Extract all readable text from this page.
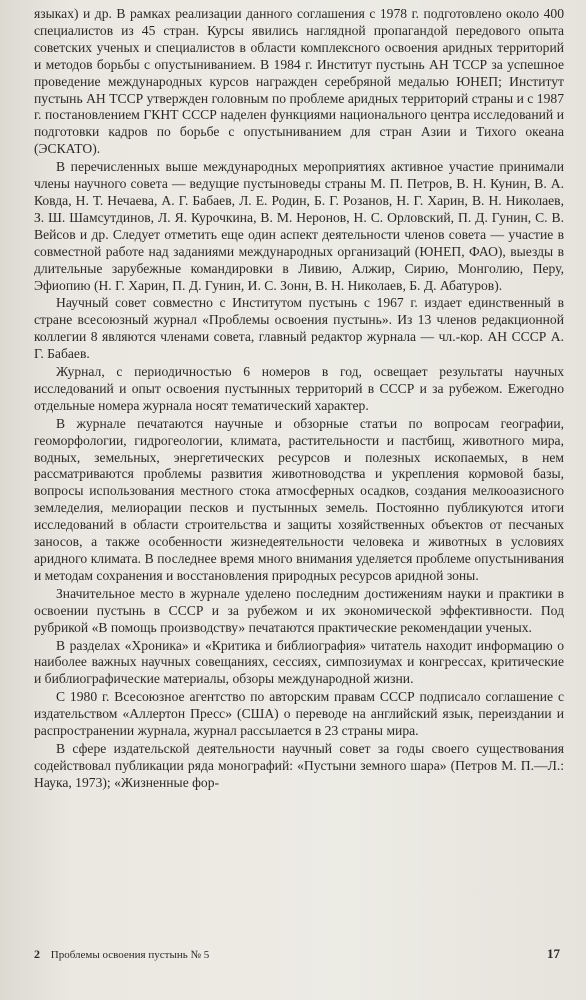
языках) и др. В рамках реализации данного соглашения с 1978 г. подготовлено около 400 специалистов из 45 стран. Курсы явились наглядной пропагандой передового опыта советских ученых и специалистов в области комплексного освоения аридных территорий и методов борьбы с опустыниванием. В 1984 г. Институт пустынь АН ТССР за успешное проведение международных курсов награжден серебряной медалью ЮНЕП; Институт пустынь АН ТССР утвержден головным по проблеме аридных территорий страны и с 1987 г. постановлением ГКНТ СССР наделен функциями национального центра исследований и подготовки кадров по борьбе с опустыниванием для стран Азии и Тихого океана (ЭСКАТО).

В перечисленных выше международных мероприятиях активное участие принимали члены научного совета — ведущие пустыноведы страны М. П. Петров, В. Н. Кунин, В. А. Ковда, Н. Т. Нечаева, А. Г. Бабаев, Л. Е. Родин, Б. Г. Розанов, Н. Г. Харин, В. Н. Николаев, З. Ш. Шамсутдинов, Л. Я. Курочкина, В. М. Неронов, Н. С. Орловский, П. Д. Гунин, С. В. Вейсов и др. Следует отметить еще один аспект деятельности членов совета — участие в совместной работе над заданиями международных организаций (ЮНЕП, ФАО), выезды в длительные зарубежные командировки в Ливию, Алжир, Сирию, Монголию, Перу, Эфиопию (Н. Г. Харин, П. Д. Гунин, И. С. Зонн, В. Н. Николаев, Б. Д. Абатуров).

Научный совет совместно с Институтом пустынь с 1967 г. издает единственный в стране всесоюзный журнал «Проблемы освоения пустынь». Из 13 членов редакционной коллегии 8 являются членами совета, главный редактор журнала — чл.-кор. АН СССР А. Г. Бабаев.

Журнал, с периодичностью 6 номеров в год, освещает результаты научных исследований и опыт освоения пустынных территорий в СССР и за рубежом. Ежегодно отдельные номера журнала носят тематический характер.

В журнале печатаются научные и обзорные статьи по вопросам географии, геоморфологии, гидрогеологии, климата, растительности и пастбищ, животного мира, водных, земельных, энергетических ресурсов и полезных ископаемых, в нем рассматриваются проблемы развития животноводства и укрепления кормовой базы, вопросы использования местного стока атмосферных осадков, создания мелкооазисного земледелия, мелиорации песков и пустынных земель. Постоянно публикуются итоги исследований в области строительства и защиты хозяйственных объектов от песчаных заносов, а также особенности жизнедеятельности человека и животных в условиях аридного климата. В последнее время много внимания уделяется проблеме опустынивания и методам сохранения и восстановления природных ресурсов аридной зоны.

Значительное место в журнале уделено последним достижениям науки и практики в освоении пустынь в СССР и за рубежом и их экономической эффективности. Под рубрикой «В помощь производству» печатаются практические рекомендации ученых.

В разделах «Хроника» и «Критика и библиография» читатель находит информацию о наиболее важных научных совещаниях, сессиях, симпозиумах и конгрессах, критические и библиографические материалы, обзоры международной жизни.

С 1980 г. Всесоюзное агентство по авторским правам СССР подписало соглашение с издательством «Аллертон Пресс» (США) о переводе на английский язык, переиздании и распространении журнала, журнал рассылается в 23 страны мира.

В сфере издательской деятельности научный совет за годы своего существования содействовал публикации ряда монографий: «Пустыни земного шара» (Петров М. П.—Л.: Наука, 1973); «Жизненные фор-

2 Проблемы освоения пустынь № 5	17
